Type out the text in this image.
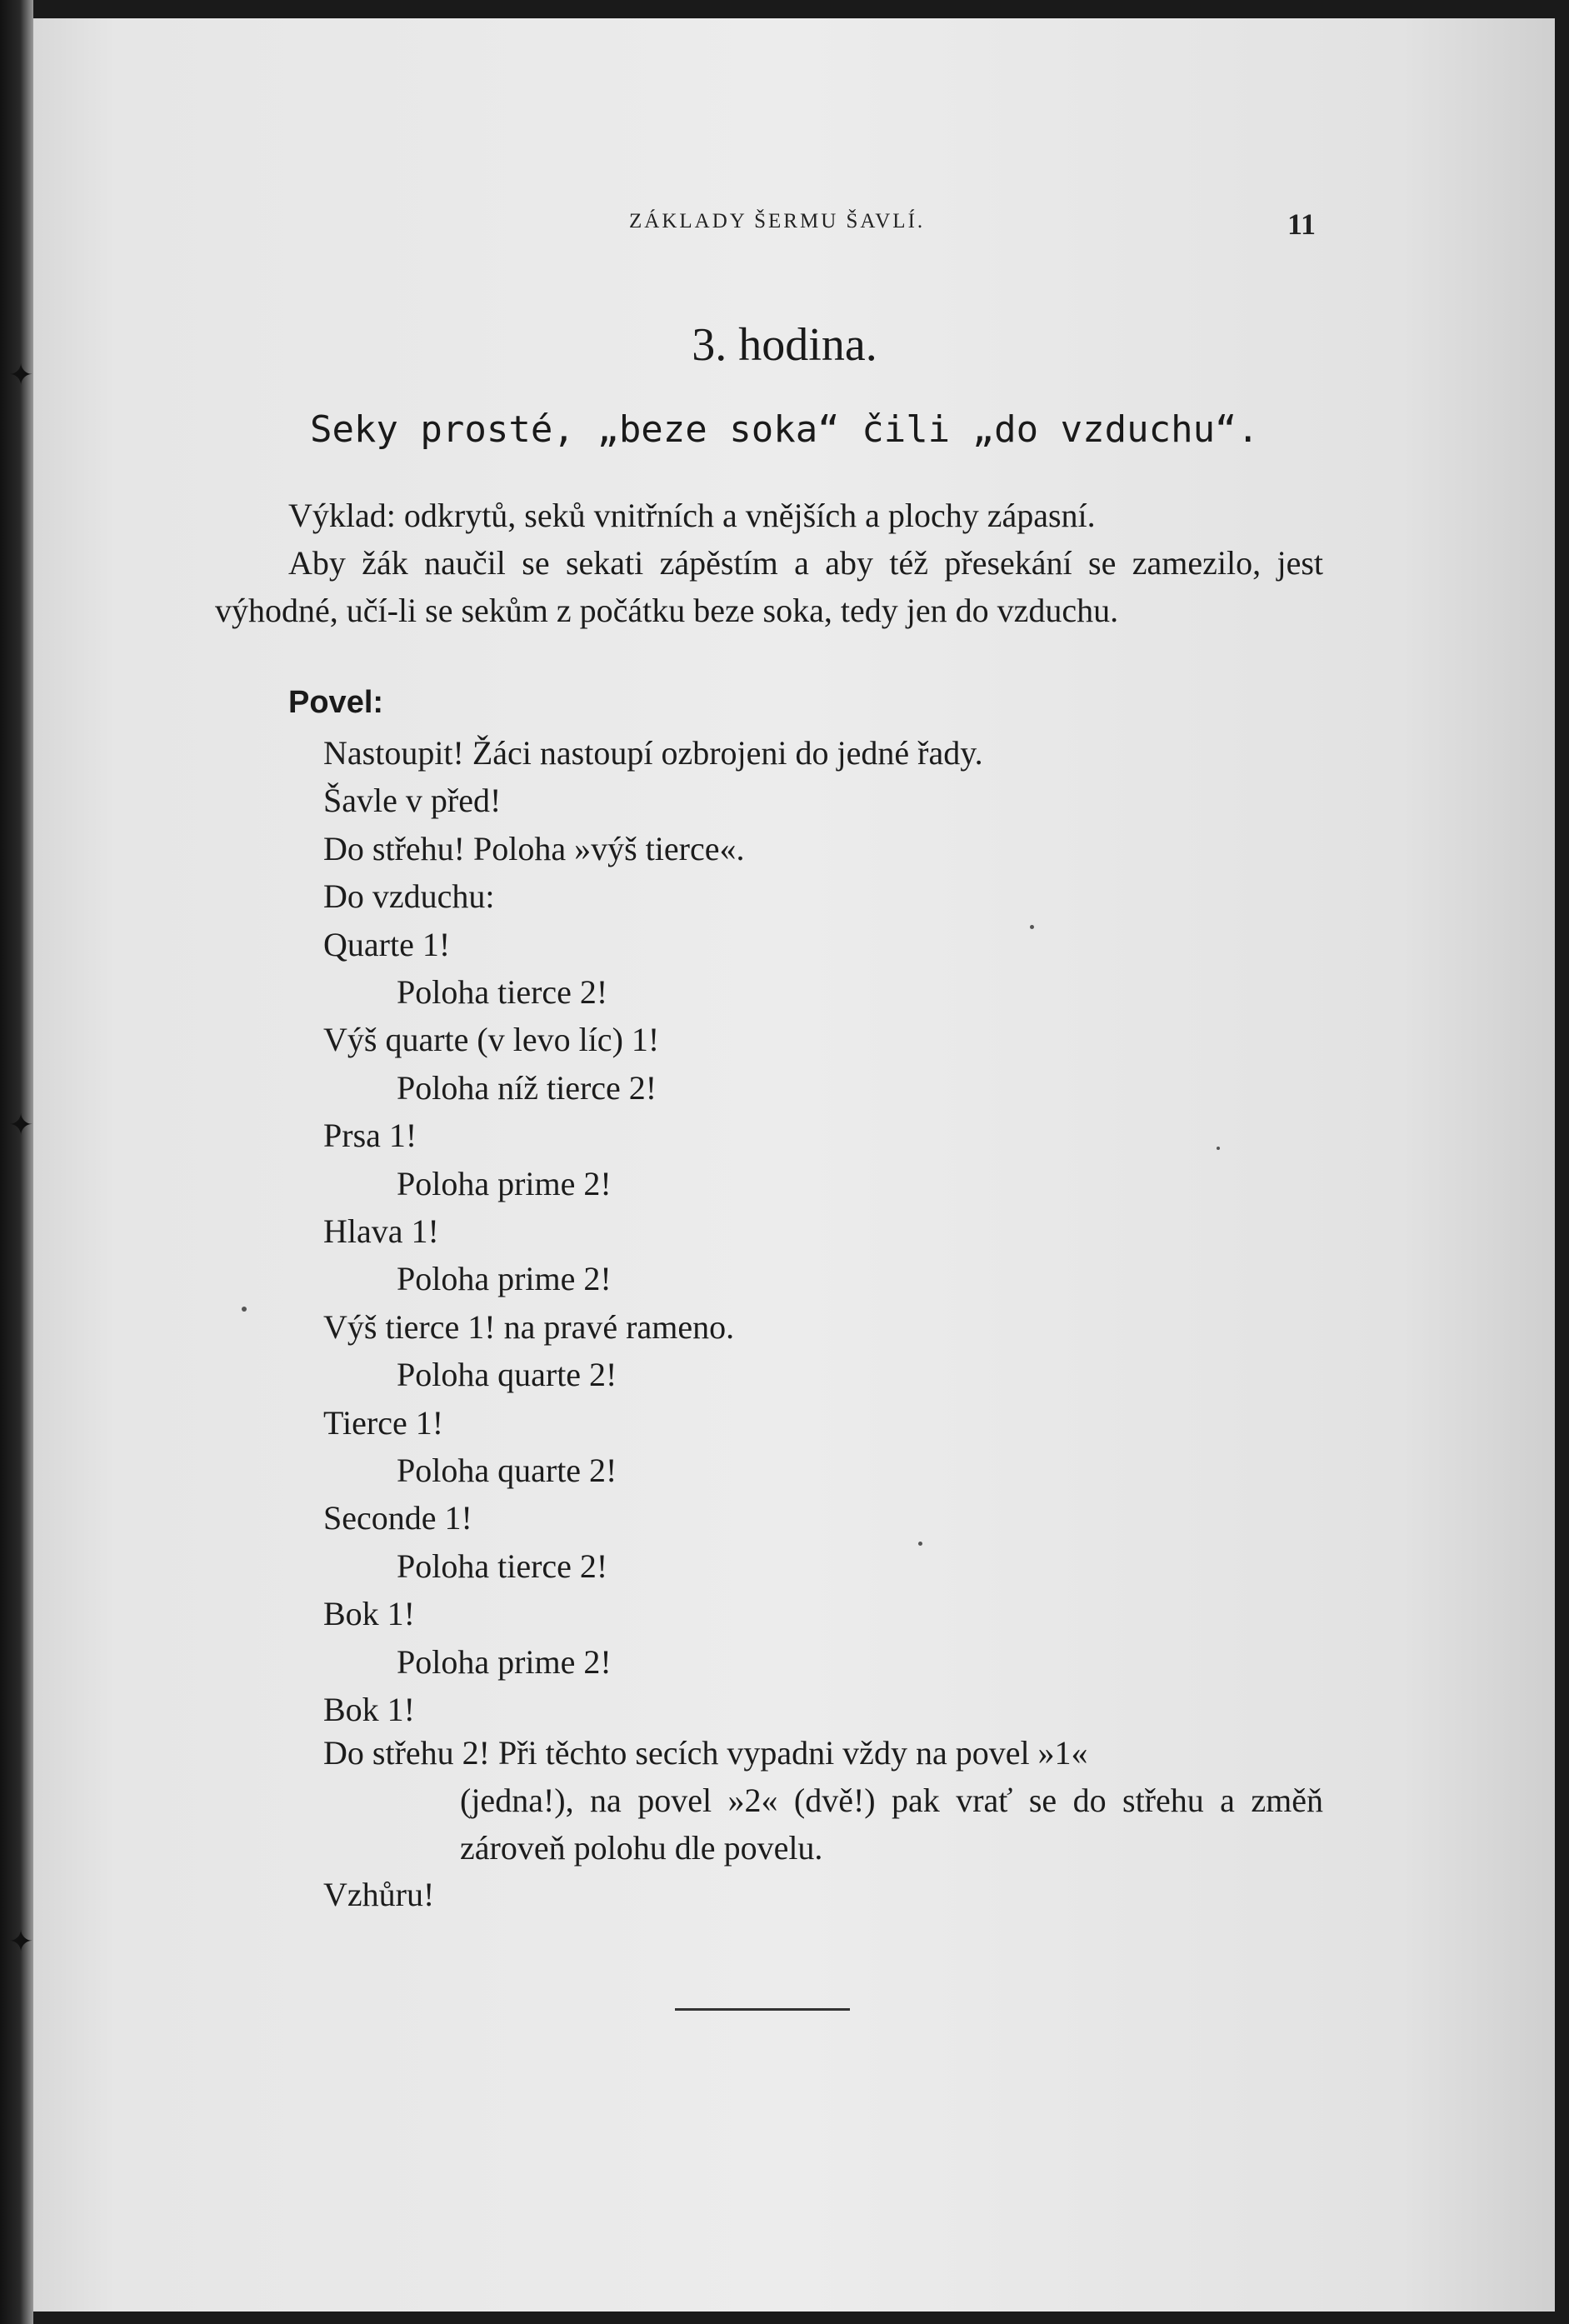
✦
✦
✦
ZÁKLADY ŠERMU ŠAVLÍ.	11
3. hodina.
Seky prosté, „beze soka“ čili „do vzduchu“.

Výklad: odkrytů, seků vnitřních a vnějších a plochy zápasní.

Aby žák naučil se sekati zápěstím a aby též přesekání se zamezilo, jest výhodné, učí-li se sekům z počátku beze soka, tedy jen do vzduchu.

Povel:
Nastoupit! Žáci nastoupí ozbrojeni do jedné řady.
Šavle v před!
Do střehu! Poloha »výš tierce«.
Do vzduchu:
Quarte 1!
Poloha tierce 2!
Výš quarte (v levo líc) 1!
Poloha níž tierce 2!
Prsa 1!
Poloha prime 2!
Hlava 1!
Poloha prime 2!
Výš tierce 1! na pravé rameno.
Poloha quarte 2!
Tierce 1!
Poloha quarte 2!
Seconde 1!
Poloha tierce 2!
Bok 1!
Poloha prime 2!
Bok 1!
Do střehu 2! Při těchto secích vypadni vždy na povel »1«
(jedna!), na povel »2« (dvě!) pak vrať se do střehu a změň zároveň polohu dle povelu.
Vzhůru!
